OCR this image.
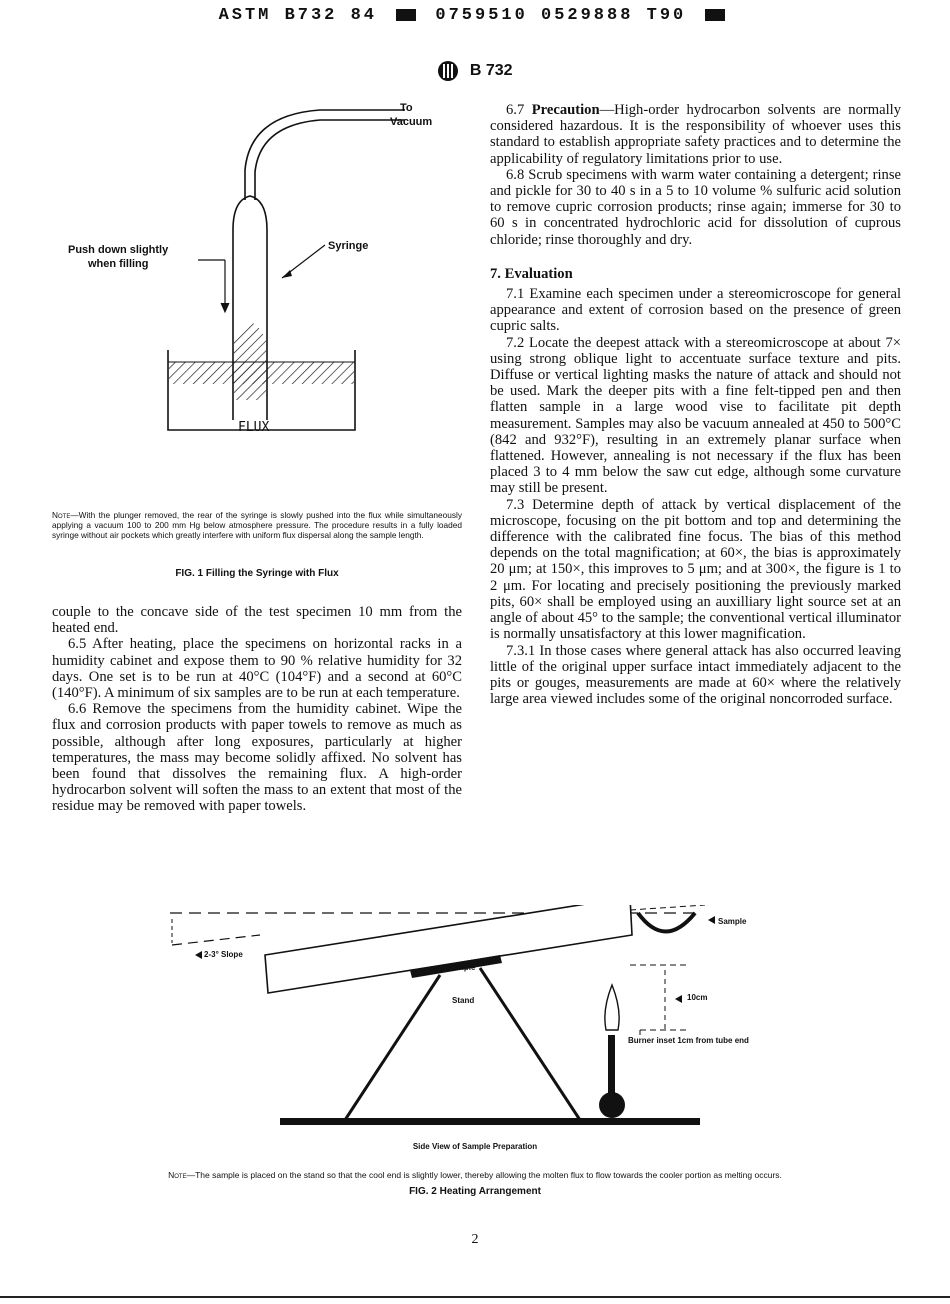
ASTM B732 84	0759510 0529888 T90
B 732
To
Vacuum
Push down slightly
when filling
Syringe
FLUX
Note—With the plunger removed, the rear of the syringe is slowly pushed into the flux while simultaneously applying a vacuum 100 to 200 mm Hg below atmosphere pressure. The procedure results in a fully loaded syringe without air pockets which greatly interfere with uniform flux dispersal along the sample length.
FIG. 1 Filling the Syringe with Flux

couple to the concave side of the test specimen 10 mm from the heated end.

6.5 After heating, place the specimens on horizontal racks in a humidity cabinet and expose them to 90 % relative humidity for 32 days. One set is to be run at 40°C (104°F) and a second at 60°C (140°F). A minimum of six samples are to be run at each temperature.

6.6 Remove the specimens from the humidity cabinet. Wipe the flux and corrosion products with paper towels to remove as much as possible, although after long exposures, particularly at higher temperatures, the mass may become solidly affixed. No solvent has been found that dissolves the remaining flux. A high-order hydrocarbon solvent will soften the mass to an extent that most of the residue may be removed with paper towels.

6.7 Precaution—High-order hydrocarbon solvents are normally considered hazardous. It is the responsibility of whoever uses this standard to establish appropriate safety practices and to determine the applicability of regulatory limitations prior to use.

6.8 Scrub specimens with warm water containing a detergent; rinse and pickle for 30 to 40 s in a 5 to 10 volume % sulfuric acid solution to remove cupric corrosion products; rinse again; immerse for 30 to 60 s in concentrated hydrochloric acid for dissolution of cuprous chloride; rinse thoroughly and dry.

7. Evaluation

7.1 Examine each specimen under a stereomicroscope for general appearance and extent of corrosion based on the presence of green cupric salts.

7.2 Locate the deepest attack with a stereomicroscope at about 7× using strong oblique light to accentuate surface texture and pits. Diffuse or vertical lighting masks the nature of attack and should not be used. Mark the deeper pits with a fine felt-tipped pen and then flatten sample in a large wood vise to facilitate pit depth measurement. Samples may also be vacuum annealed at 450 to 500°C (842 and 932°F), resulting in an extremely planar surface when flattened. However, annealing is not necessary if the flux has been placed 3 to 4 mm below the saw cut edge, although some curvature may still be present.

7.3 Determine depth of attack by vertical displacement of the microscope, focusing on the pit bottom and top and determining the difference with the calibrated fine focus. The bias of this method depends on the total magnification; at 60×, the bias is approximately 20 μm; at 150×, this improves to 5 μm; and at 300×, the figure is 1 to 2 μm. For locating and precisely positioning the previously marked pits, 60× shall be employed using an auxilliary light source set at an angle of about 45° to the sample; the conventional vertical illuminator is normally unsatisfactory at this lower magnification.

7.3.1 In those cases where general attack has also occurred leaving little of the original upper surface intact immediately adjacent to the pits or gouges, measurements are made at 60× where the relatively large area viewed includes some of the original noncorroded surface.

2-3° Slope
Sample
Stand
Sample
10cm
Burner inset 1cm from tube end
Side View of Sample Preparation
Note—The sample is placed on the stand so that the cool end is slightly lower, thereby allowing the molten flux to flow towards the cooler portion as melting occurs.
FIG. 2 Heating Arrangement
2
